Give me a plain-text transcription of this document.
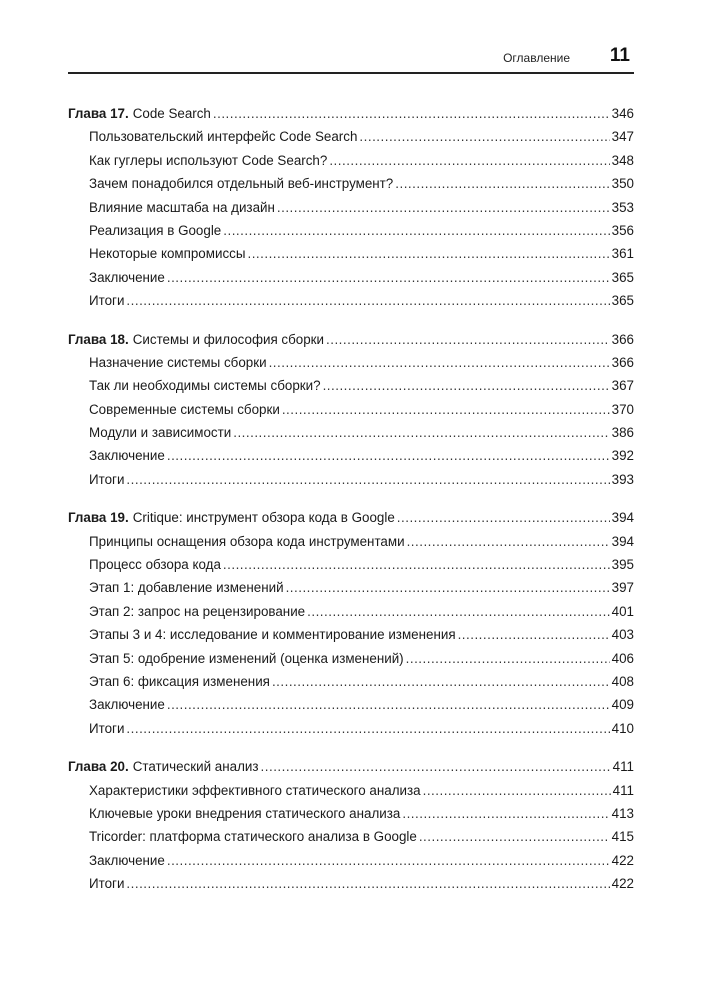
Оглавление 11
Глава 17. Code Search .....	346
Пользовательский интерфейс Code Search .....	347
Как гуглеры используют Code Search? .....	348
Зачем понадобился отдельный веб-инструмент? .....	350
Влияние масштаба на дизайн .....	353
Реализация в Google .....	356
Некоторые компромиссы .....	361
Заключение .....	365
Итоги .....	365
Глава 18. Системы и философия сборки .....	366
Назначение системы сборки .....	366
Так ли необходимы системы сборки? .....	367
Современные системы сборки .....	370
Модули и зависимости .....	386
Заключение .....	392
Итоги .....	393
Глава 19. Critique: инструмент обзора кода в Google .....	394
Принципы оснащения обзора кода инструментами .....	394
Процесс обзора кода .....	395
Этап 1: добавление изменений .....	397
Этап 2: запрос на рецензирование .....	401
Этапы 3 и 4: исследование и комментирование изменения .....	403
Этап 5: одобрение изменений (оценка изменений) .....	406
Этап 6: фиксация изменения .....	408
Заключение .....	409
Итоги .....	410
Глава 20. Статический анализ .....	411
Характеристики эффективного статического анализа .....	411
Ключевые уроки внедрения статического анализа .....	413
Tricorder: платформа статического анализа в Google .....	415
Заключение .....	422
Итоги .....	422
